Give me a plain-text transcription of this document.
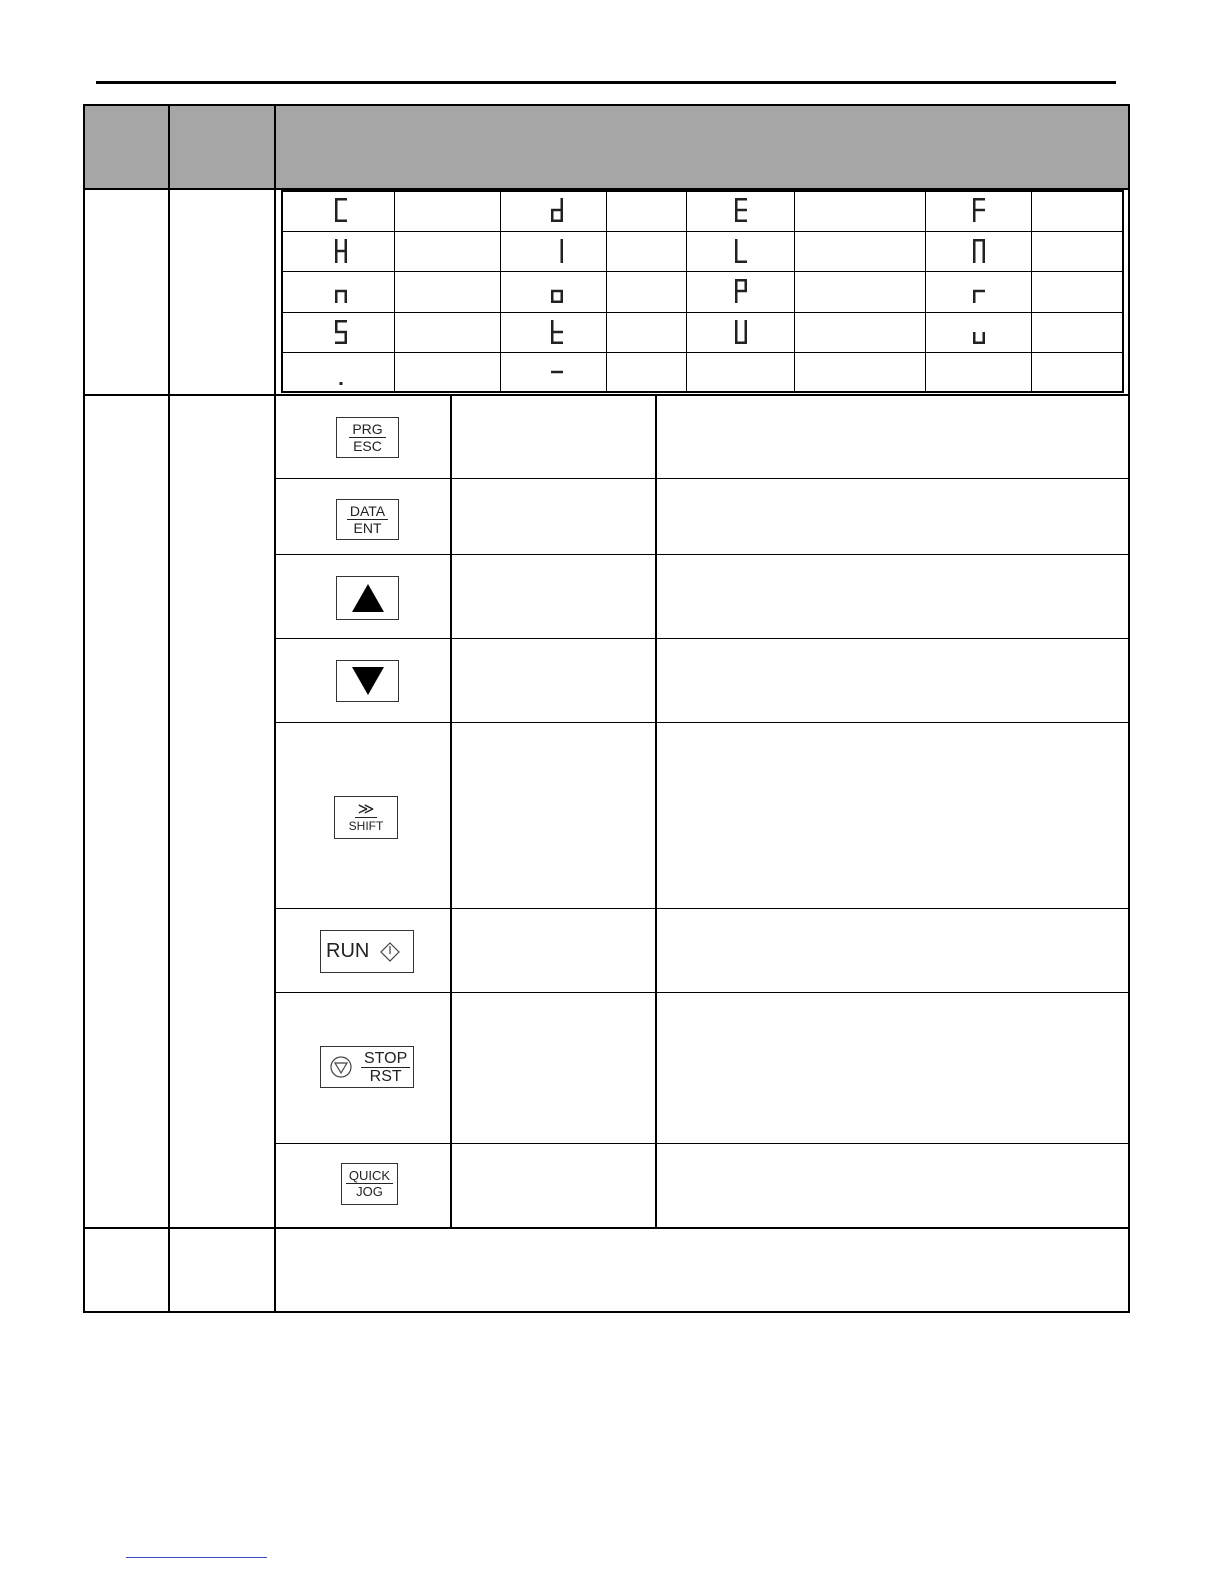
PRG
ESC
DATA
ENT
≫
SHIFT
RUN
STOP
RST
QUICK
JOG
